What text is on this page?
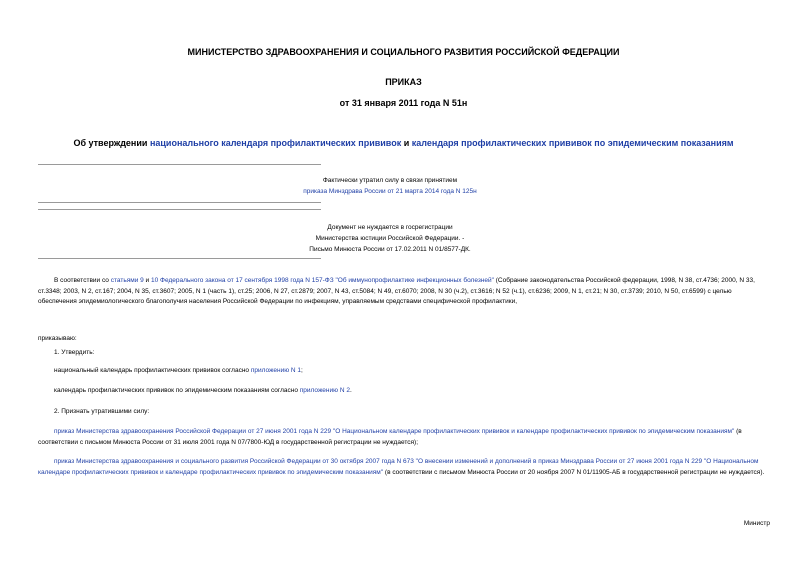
МИНИСТЕРСТВО ЗДРАВООХРАНЕНИЯ И СОЦИАЛЬНОГО РАЗВИТИЯ РОССИЙСКОЙ ФЕДЕРАЦИИ
ПРИКАЗ
от 31 января 2011 года N 51н
Об утверждении национального календаря профилактических прививок и календаря профилактических прививок по эпидемическим показаниям
Фактически утратил силу в связи принятием
приказа Минздрава России от 21 марта 2014 года N 125н
Документ не нуждается в госрегистрации
Министерства юстиции Российской Федерации. -
Письмо Минюста России от 17.02.2011 N 01/8577-ДК.
В соответствии со статьями 9 и 10 Федерального закона от 17 сентября 1998 года N 157-ФЗ "Об иммунопрофилактике инфекционных болезней" (Собрание законодательства Российской федерации, 1998, N 38, ст.4736; 2000, N 33, ст.3348; 2003, N 2, ст.167; 2004, N 35, ст.3607; 2005, N 1 (часть 1), ст.25; 2006, N 27, ст.2879; 2007, N 43, ст.5084; N 49, ст.6070; 2008, N 30 (ч.2), ст.3616; N 52 (ч.1), ст.6236; 2009, N 1, ст.21; N 30, ст.3739; 2010, N 50, ст.6599) с целью обеспечения эпидемиологического благополучия населения Российской Федерации по инфекциям, управляемым средствами специфической профилактики,
приказываю:
1. Утвердить:
национальный календарь профилактических прививок согласно приложению N 1;
календарь профилактических прививок по эпидемическим показаниям согласно приложению N 2.
2. Признать утратившими силу:
приказ Министерства здравоохранения Российской Федерации от 27 июня 2001 года N 229 "О Национальном календаре профилактических прививок и календаре профилактических прививок по эпидемическим показаниям" (в соответствии с письмом Минюста России от 31 июля 2001 года N 07/7800-ЮД в государственной регистрации не нуждается);
приказ Министерства здравоохранения и социального развития Российской Федерации от 30 октября 2007 года N 673 "О внесении изменений и дополнений в приказ Минздрава России от 27 июня 2001 года N 229 "О Национальном календаре профилактических прививок и календаре профилактических прививок по эпидемическим показаниям" (в соответствии с письмом Минюста России от 20 ноября 2007 N 01/11905-АБ в государственной регистрации не нуждается).
Министр
